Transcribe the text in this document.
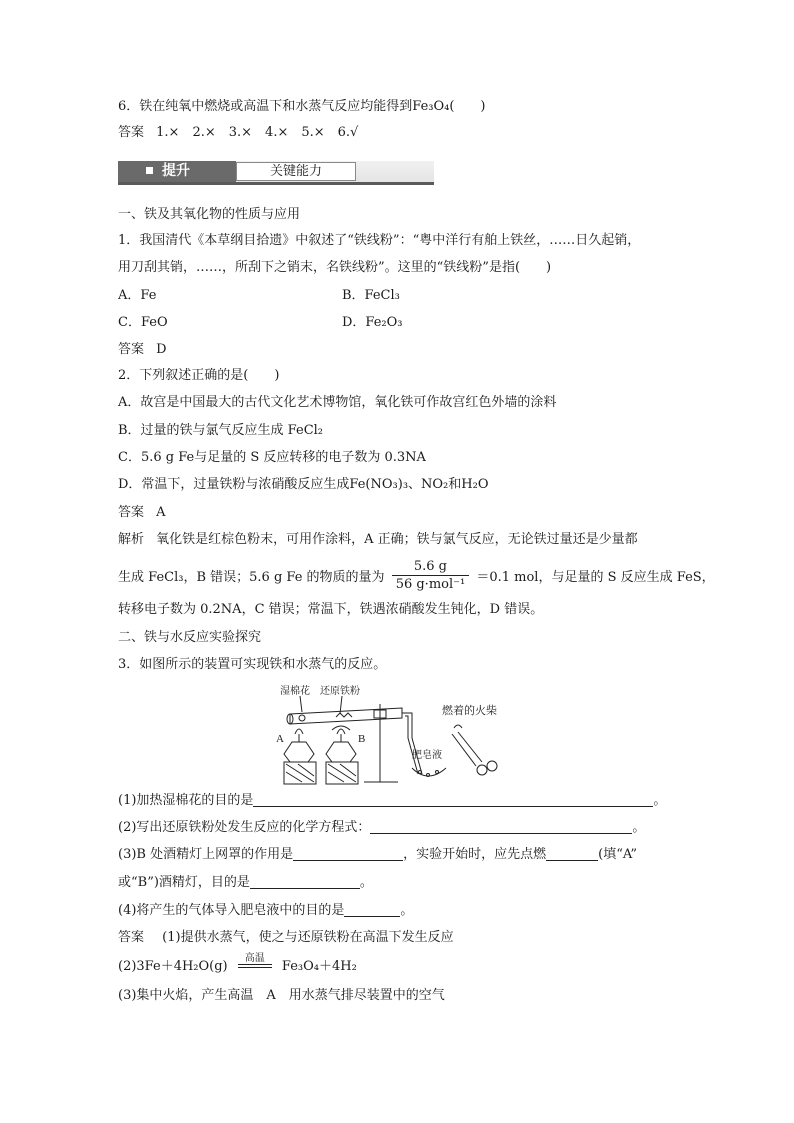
6．铁在纯氧中燃烧或高温下和水蒸气反应均能得到Fe₃O₄(　　)
答案 1.×　2.×　3.×　4.×　5.×　6.√
提升	关键能力
一、铁及其氧化物的性质与应用
1．我国清代《本草纲目拾遗》中叙述了“铁线粉”：“粤中洋行有舶上铁丝，……日久起销，
用刀刮其销，……，所刮下之销末，名铁线粉”。这里的“铁线粉”是指(　　)
A．Fe	B．FeCl₃
C．FeO	D．Fe₂O₃
答案 D
2．下列叙述正确的是(　　)
A．故宫是中国最大的古代文化艺术博物馆，氧化铁可作故宫红色外墙的涂料
B．过量的铁与氯气反应生成 FeCl₂
C．5.6 g Fe与足量的 S 反应转移的电子数为 0.3NA
D．常温下，过量铁粉与浓硝酸反应生成Fe(NO₃)₃、NO₂和H₂O
答案 A
解析 氧化铁是红棕色粉末，可用作涂料，A 正确；铁与氯气反应，无论铁过量还是少量都
生成 FeCl₃，B 错误；5.6 g Fe 的物质的量为 $\frac{5.6 g}{\text{56 g·mol⁻¹}} =0.1$ mol，与足量的 S 反应生成 FeS，
转移电子数为 0.2NA，C 错误；常温下，铁遇浓硝酸发生钝化，D 错误。
二、铁与水反应实验探究
3．如图所示的装置可实现铁和水蒸气的反应。
湿棉花 还原铁粉
A	B
肥皂液
燃着的火柴
(1)加热湿棉花的目的是	。
(2)写出还原铁粉处发生反应的化学方程式：	。
(3)B 处酒精灯上网罩的作用是	，实验开始时，应先点燃	(填“A”
或“B”)酒精灯，目的是	。
(4)将产生的气体导入肥皂液中的目的是	。
答案 (1)提供水蒸气，使之与还原铁粉在高温下发生反应
(2)3Fe＋4H₂O(g)
高温
Fe₃O₄＋4H₂
(3)集中火焰，产生高温　A　用水蒸气排尽装置中的空气
